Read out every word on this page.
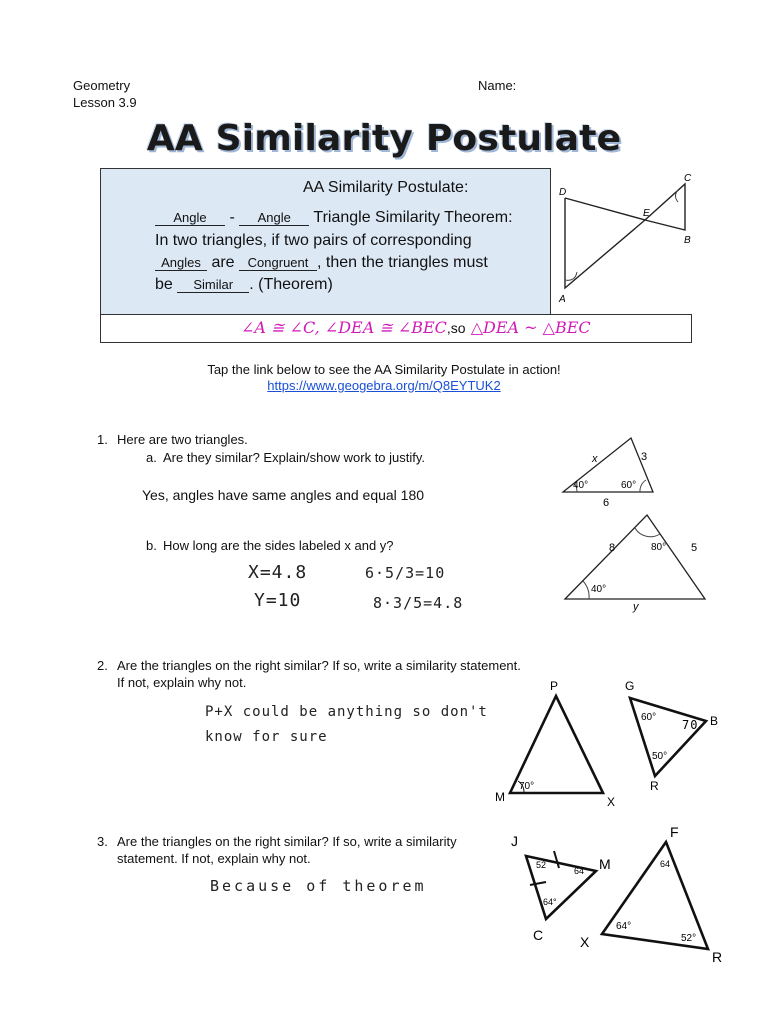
Geometry
Lesson 3.9
Name:
AA Similarity Postulate
AA Similarity Postulate:
Angle - Angle Triangle Similarity Theorem:
In two triangles, if two pairs of corresponding
Angles are Congruent , then the triangles must
be Similar . (Theorem)
D
C
E
B
A
∠A ≅ ∠C, ∠DEA ≅ ∠BEC,so △DEA ~ △BEC
Tap the link below to see the AA Similarity Postulate in action!
https://www.geogebra.org/m/Q8EYTUK2
1. Here are two triangles.
a. Are they similar? Explain/show work to justify.
Yes, angles have same angles and equal 180
b. How long are the sides labeled x and y?
X=4.8
Y=10
6·5/3=10
8·3/5=4.8
x	3
40°	60°
6
8	80° 5
40°
y
2. Are the triangles on the right similar? If so, write a similarity statement.
If not, explain why not.
P+X could be anything so don't
know for sure
P
M	X
70°
G
B
R
60°
70
50°
3. Are the triangles on the right similar? If so, write a similarity
statement. If not, explain why not.
Because of theorem
J
M
C
52
64
64°
F
X
R
64
64°
52°
